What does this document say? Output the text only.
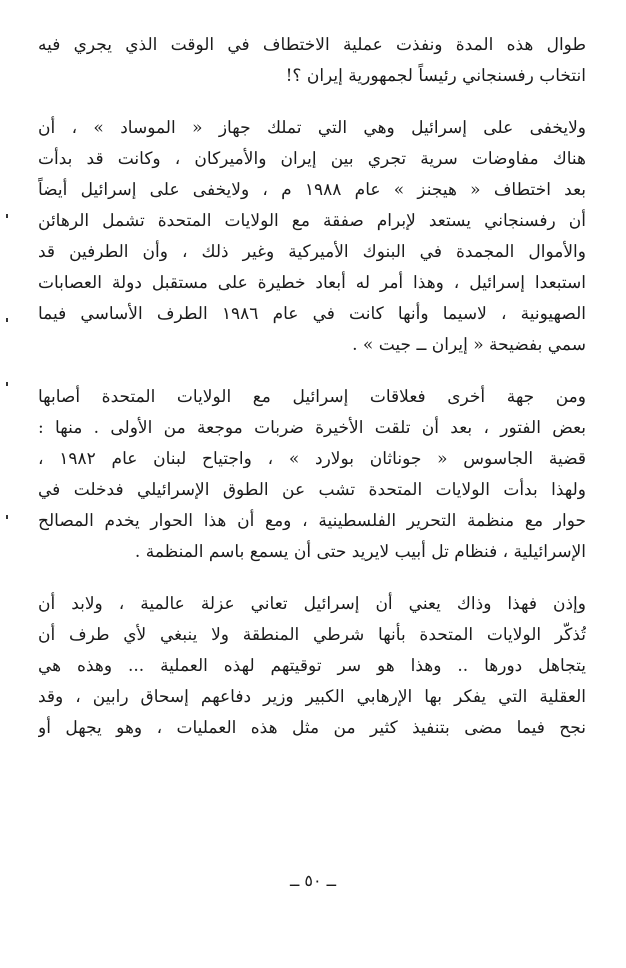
طوال هذه المدة ونفذت عملية الاختطاف في الوقت الذي يجري فيه
انتخاب رفسنجاني رئيساً لجمهورية إيران ؟!
ولايخفى على إسرائيل وهي التي تملك جهاز « الموساد » ، أن
هناك مفاوضات سرية تجري بين إيران والأميركان ، وكانت قد بدأت
بعد اختطاف « هيجنز » عام ١٩٨٨ م ، ولايخفى على إسرائيل أيضاً
أن رفسنجاني يستعد لإبرام صفقة مع الولايات المتحدة تشمل الرهائن
والأموال المجمدة في البنوك الأميركية وغير ذلك ، وأن الطرفين قد
استبعدا إسرائيل ، وهذا أمر له أبعاد خطيرة على مستقبل دولة العصابات
الصهيونية ، لاسيما وأنها كانت في عام ١٩٨٦ الطرف الأساسي فيما
سمي بفضيحة « إيران ــ جيت » .
ومن جهة أخرى فعلاقات إسرائيل مع الولايات المتحدة أصابها
بعض الفتور ، بعد أن تلقت الأخيرة ضربات موجعة من الأولى . منها :
قضية الجاسوس « جوناثان بولارد » ، واجتياح لبنان عام ١٩٨٢ ،
ولهذا بدأت الولايات المتحدة تشب عن الطوق الإسرائيلي فدخلت في
حوار مع منظمة التحرير الفلسطينية ، ومع أن هذا الحوار يخدم المصالح
الإسرائيلية ، فنظام تل أبيب لايريد حتى أن يسمع باسم المنظمة .
وإذن فهذا وذاك يعني أن إسرائيل تعاني عزلة عالمية ، ولابد أن
تُذكّر الولايات المتحدة بأنها شرطي المنطقة ولا ينبغي لأي طرف أن
يتجاهل دورها .. وهذا هو سر توقيتهم لهذه العملية ... وهذه هي
العقلية التي يفكر بها الإرهابي الكبير وزير دفاعهم إسحاق رابين ، وقد
نجح فيما مضى بتنفيذ كثير من مثل هذه العمليات ، وهو يجهل أو
ــ ٥٠ ــ
